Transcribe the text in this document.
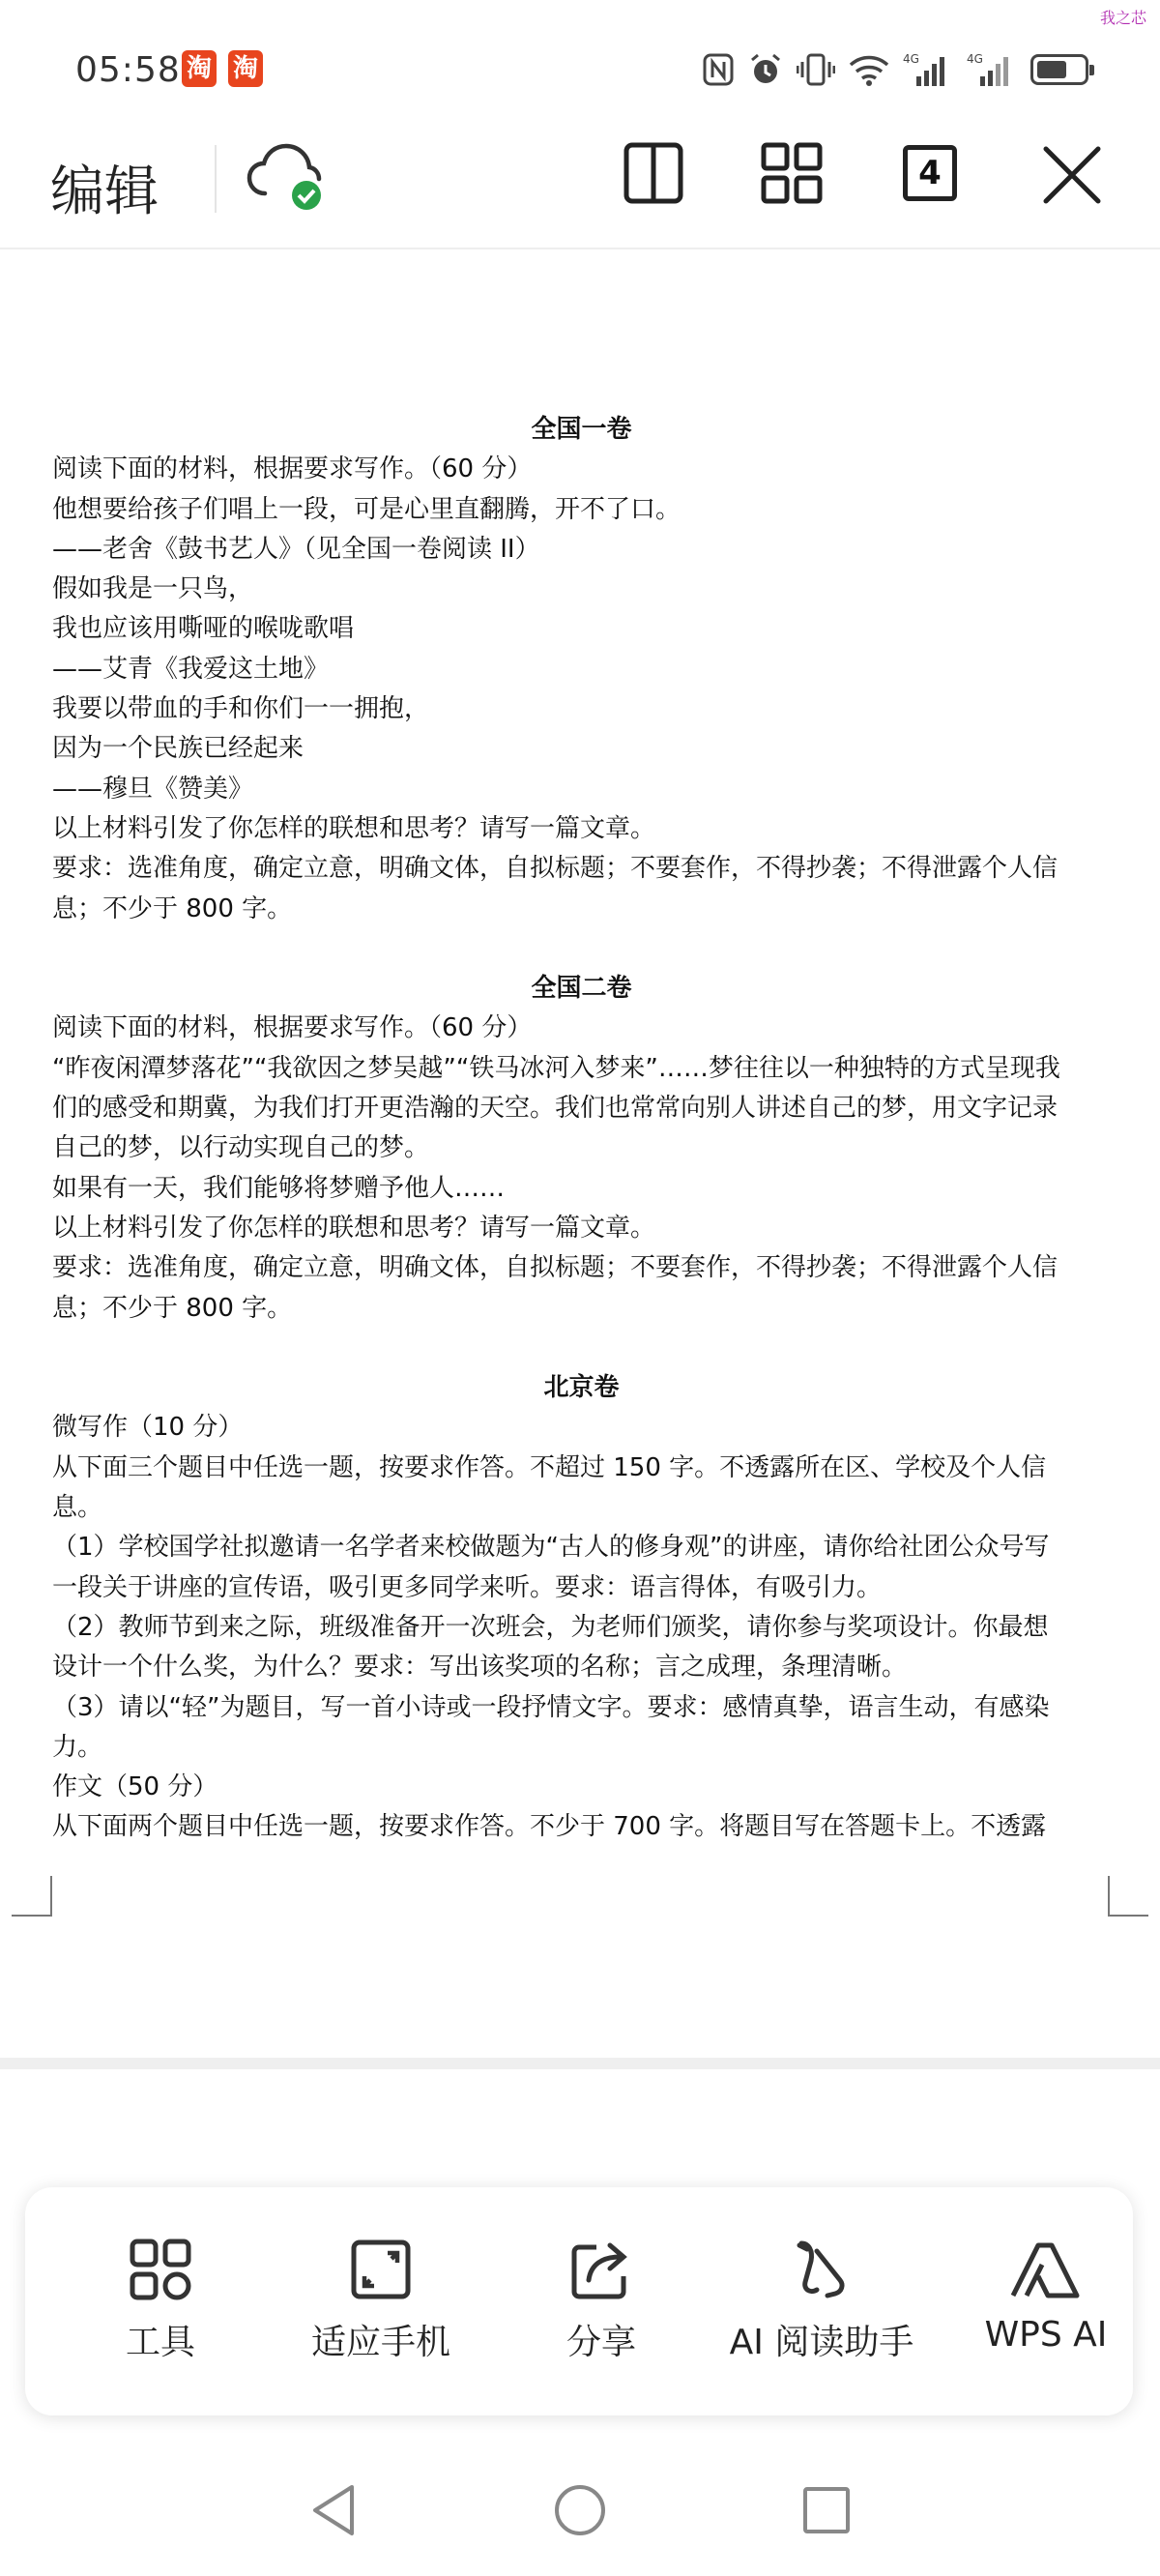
05:58 淘 淘
我之芯
4G	4G
编辑	4

全国一卷

阅读下面的材料，根据要求写作。（60 分）

他想要给孩子们唱上一段，可是心里直翻腾，开不了口。

——老舍《鼓书艺人》（见全国一卷阅读 II）

假如我是一只鸟，

我也应该用嘶哑的喉咙歌唱

——艾青《我爱这土地》

我要以带血的手和你们一一拥抱，

因为一个民族已经起来

——穆旦《赞美》

以上材料引发了你怎样的联想和思考？请写一篇文章。

要求：选准角度，确定立意，明确文体，自拟标题；不要套作，不得抄袭；不得泄露个人信

息；不少于 800 字。

全国二卷

阅读下面的材料，根据要求写作。（60 分）

“昨夜闲潭梦落花”“我欲因之梦吴越”“铁马冰河入梦来”……梦往往以一种独特的方式呈现我

们的感受和期冀，为我们打开更浩瀚的天空。我们也常常向别人讲述自己的梦，用文字记录

自己的梦，以行动实现自己的梦。

如果有一天，我们能够将梦赠予他人……

以上材料引发了你怎样的联想和思考？请写一篇文章。

要求：选准角度，确定立意，明确文体，自拟标题；不要套作，不得抄袭；不得泄露个人信

息；不少于 800 字。

北京卷

微写作（10 分）

从下面三个题目中任选一题，按要求作答。不超过 150 字。不透露所在区、学校及个人信

息。

（1）学校国学社拟邀请一名学者来校做题为“古人的修身观”的讲座，请你给社团公众号写

一段关于讲座的宣传语，吸引更多同学来听。要求：语言得体，有吸引力。

（2）教师节到来之际，班级准备开一次班会，为老师们颁奖，请你参与奖项设计。你最想

设计一个什么奖，为什么？要求：写出该奖项的名称；言之成理，条理清晰。

（3）请以“轻”为题目，写一首小诗或一段抒情文字。要求：感情真挚，语言生动，有感染

力。

作文（50 分）

从下面两个题目中任选一题，按要求作答。不少于 700 字。将题目写在答题卡上。不透露

工具	适应手机	分享	AI 阅读助手	WPS AI
